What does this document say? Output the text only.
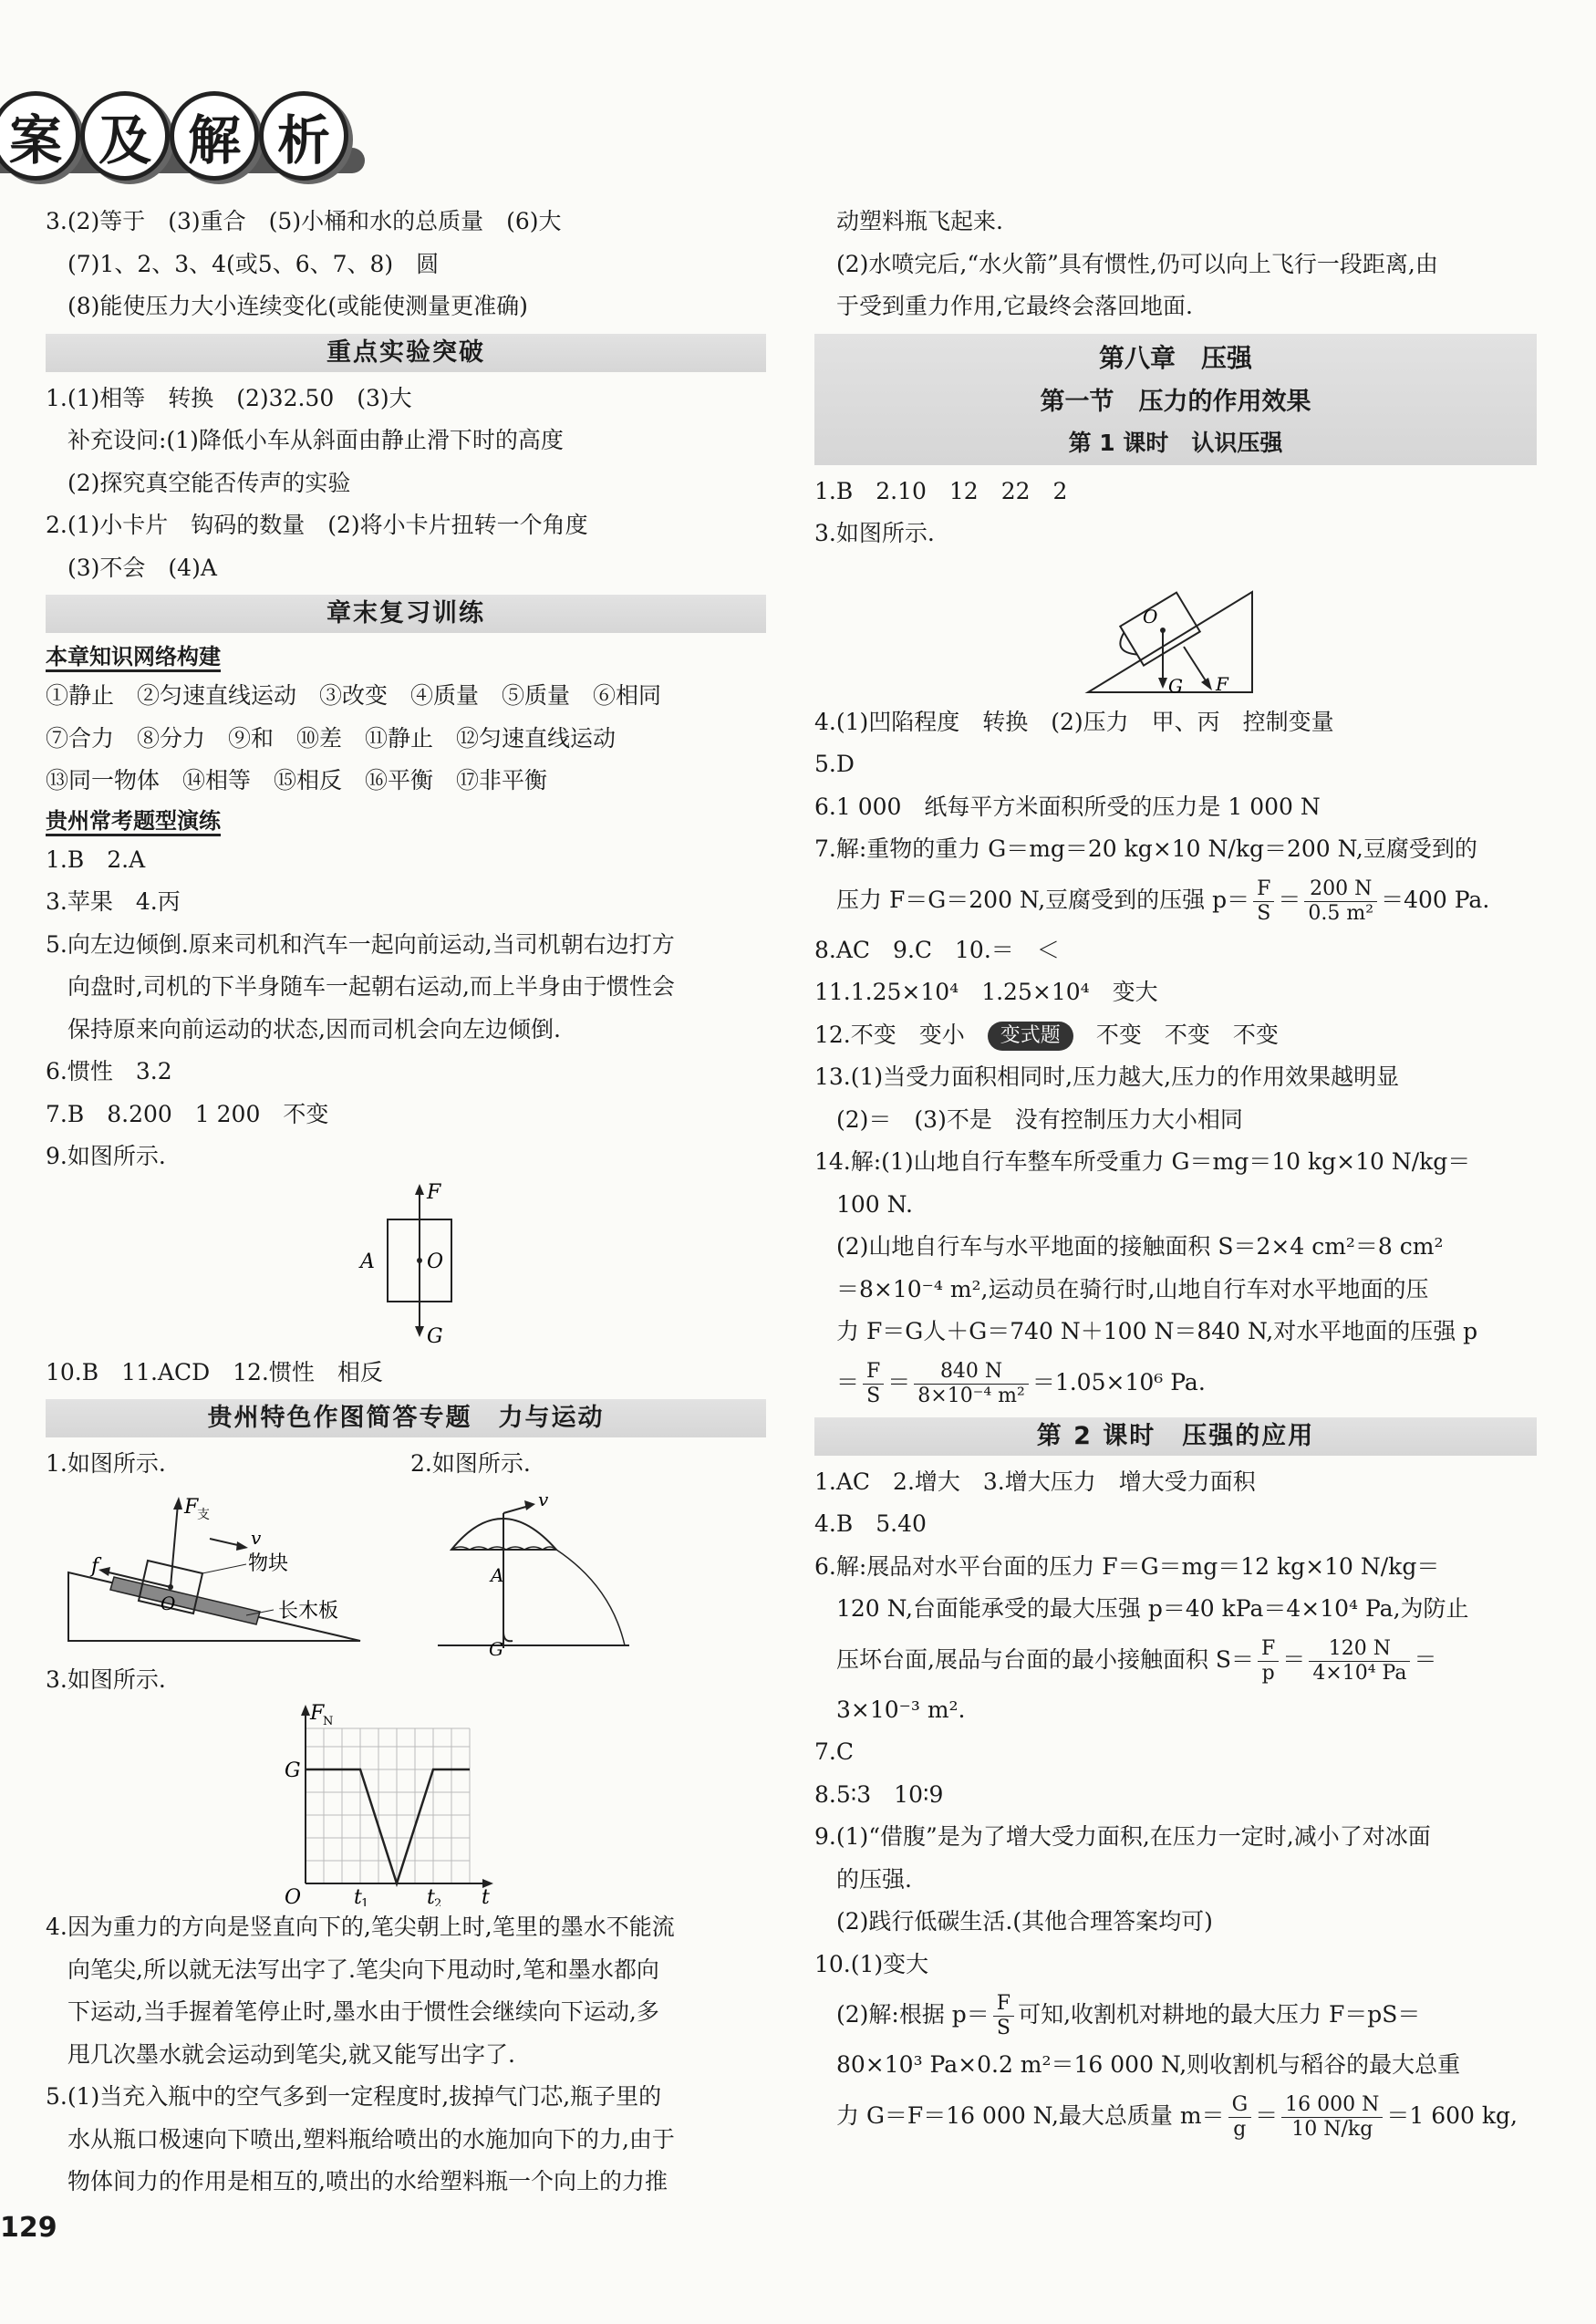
案 及 解 析
3.(2)等于　(3)重合　(5)小桶和水的总质量　(6)大
(7)1、2、3、4(或5、6、7、8)　圆
(8)能使压力大小连续变化(或能使测量更准确)
重点实验突破
1.(1)相等　转换　(2)32.50　(3)大
补充设问:(1)降低小车从斜面由静止滑下时的高度
(2)探究真空能否传声的实验
2.(1)小卡片　钩码的数量　(2)将小卡片扭转一个角度
(3)不会　(4)A
章末复习训练
本章知识网络构建
①静止　②匀速直线运动　③改变　④质量　⑤质量　⑥相同
⑦合力　⑧分力　⑨和　⑩差　⑪静止　⑫匀速直线运动
⑬同一物体　⑭相等　⑮相反　⑯平衡　⑰非平衡
贵州常考题型演练
1.B　2.A
3.苹果　4.丙
5.向左边倾倒.原来司机和汽车一起向前运动,当司机朝右边打方
向盘时,司机的下半身随车一起朝右运动,而上半身由于惯性会
保持原来向前运动的状态,因而司机会向左边倾倒.
6.惯性　3.2
7.B　8.200　1 200　不变
9.如图所示.
F
A	O
G
10.B　11.ACD　12.惯性　相反
贵州特色作图简答专题　力与运动
1.如图所示.	2.如图所示.
F
支
v
f
O
物块
长木板
v
A
G
3.如图所示.
F
N
G
O	t 1	t 2 t
4.因为重力的方向是竖直向下的,笔尖朝上时,笔里的墨水不能流
向笔尖,所以就无法写出字了.笔尖向下甩动时,笔和墨水都向
下运动,当手握着笔停止时,墨水由于惯性会继续向下运动,多
甩几次墨水就会运动到笔尖,就又能写出字了.
5.(1)当充入瓶中的空气多到一定程度时,拔掉气门芯,瓶子里的
水从瓶口极速向下喷出,塑料瓶给喷出的水施加向下的力,由于
物体间力的作用是相互的,喷出的水给塑料瓶一个向上的力推
动塑料瓶飞起来.
(2)水喷完后,“水火箭”具有惯性,仍可以向上飞行一段距离,由
于受到重力作用,它最终会落回地面.
第八章　压强
第一节　压力的作用效果
第 1 课时　认识压强
1.B　2.10　12　22　2
3.如图所示.
O
G F
4.(1)凹陷程度　转换　(2)压力　甲、丙　控制变量
5.D
6.1 000　纸每平方米面积所受的压力是 1 000 N
7.解:重物的重力 G＝mg＝20 kg×10 N/kg＝200 N,豆腐受到的
压力 F＝G＝200 N,豆腐受到的压强 $p= \frac{F}{S} = \frac{200 N}{\text{0.5 m²}} =400$ Pa.
8.AC　9.C　10.＝　＜
11.1.25×10⁴　1.25×10⁴　变大
12.不变　变小　 变式题　 不变　不变　不变
13.(1)当受力面积相同时,压力越大,压力的作用效果越明显
(2)＝　(3)不是　没有控制压力大小相同
14.解:(1)山地自行车整车所受重力 G＝mg＝10 kg×10 N/kg＝
100 N.
(2)山地自行车与水平地面的接触面积 S＝2×4 cm²＝8 cm²
＝8×10⁻⁴ m²,运动员在骑行时,山地自行车对水平地面的压
力 F＝G人＋G＝740 N＋100 N＝840 N,对水平地面的压强 p
＝ $\frac{F}{S} = \frac{840 N}{\text{8×10⁻⁴ m²}} =1.05\times 10^6$ Pa.
第 2 课时　压强的应用
1.AC　2.增大　3.增大压力　增大受力面积
4.B　5.40
6.解:展品对水平台面的压力 F＝G＝mg＝12 kg×10 N/kg＝
120 N,台面能承受的最大压强 p＝40 kPa＝4×10⁴ Pa,为防止
压坏台面,展品与台面的最小接触面积 $S= \frac{F}{p} = \frac{120 N}{\text{4×10⁴ Pa}}$ ＝
3×10⁻³ m².
7.C
8.5∶3　10∶9
9.(1)“借腹”是为了增大受力面积,在压力一定时,减小了对冰面
的压强.
(2)践行低碳生活.(其他合理答案均可)
10.(1)变大
(2)解:根据 $p= \frac{F}{S}$ 可知,收割机对耕地的最大压力 F＝pS＝
80×10³ Pa×0.2 m²＝16 000 N,则收割机与稻谷的最大总重
力 G＝F＝16 000 N,最大总质量 $m= \frac{G}{g} = \frac{16 000 N}{10 N/kg} =1$ 600 kg,
129
